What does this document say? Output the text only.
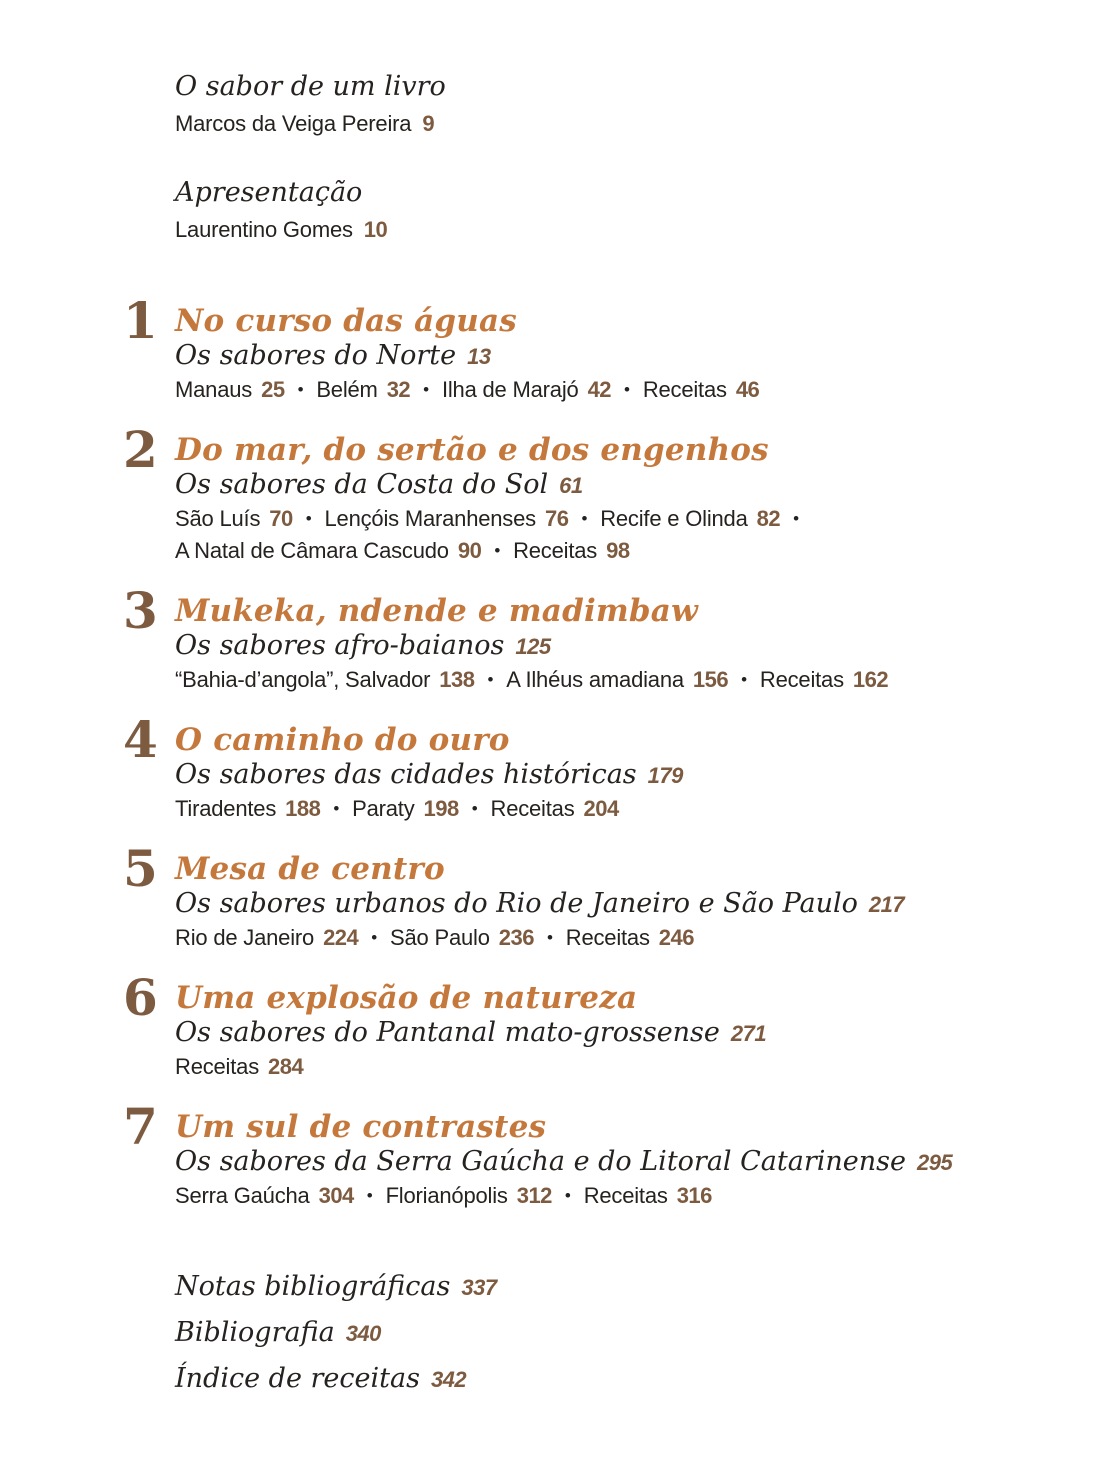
O sabor de um livro
Marcos da Veiga Pereira 9
Apresentação
Laurentino Gomes 10
1 No curso das águas
Os sabores do Norte 13
Manaus 25 • Belém 32 • Ilha de Marajó 42 • Receitas 46
2 Do mar, do sertão e dos engenhos
Os sabores da Costa do Sol 61
São Luís 70 • Lençóis Maranhenses 76 • Recife e Olinda 82 •
A Natal de Câmara Cascudo 90 • Receitas 98
3 Mukeka, ndende e madimbaw
Os sabores afro-baianos 125
“Bahia-d’angola”, Salvador 138 • A Ilhéus amadiana 156 • Receitas 162
4 O caminho do ouro
Os sabores das cidades históricas 179
Tiradentes 188 • Paraty 198 • Receitas 204
5 Mesa de centro
Os sabores urbanos do Rio de Janeiro e São Paulo 217
Rio de Janeiro 224 • São Paulo 236 • Receitas 246
6 Uma explosão de natureza
Os sabores do Pantanal mato-grossense 271
Receitas 284
7 Um sul de contrastes
Os sabores da Serra Gaúcha e do Litoral Catarinense 295
Serra Gaúcha 304 • Florianópolis 312 • Receitas 316
Notas bibliográficas 337
Bibliografia 340
Índice de receitas 342
